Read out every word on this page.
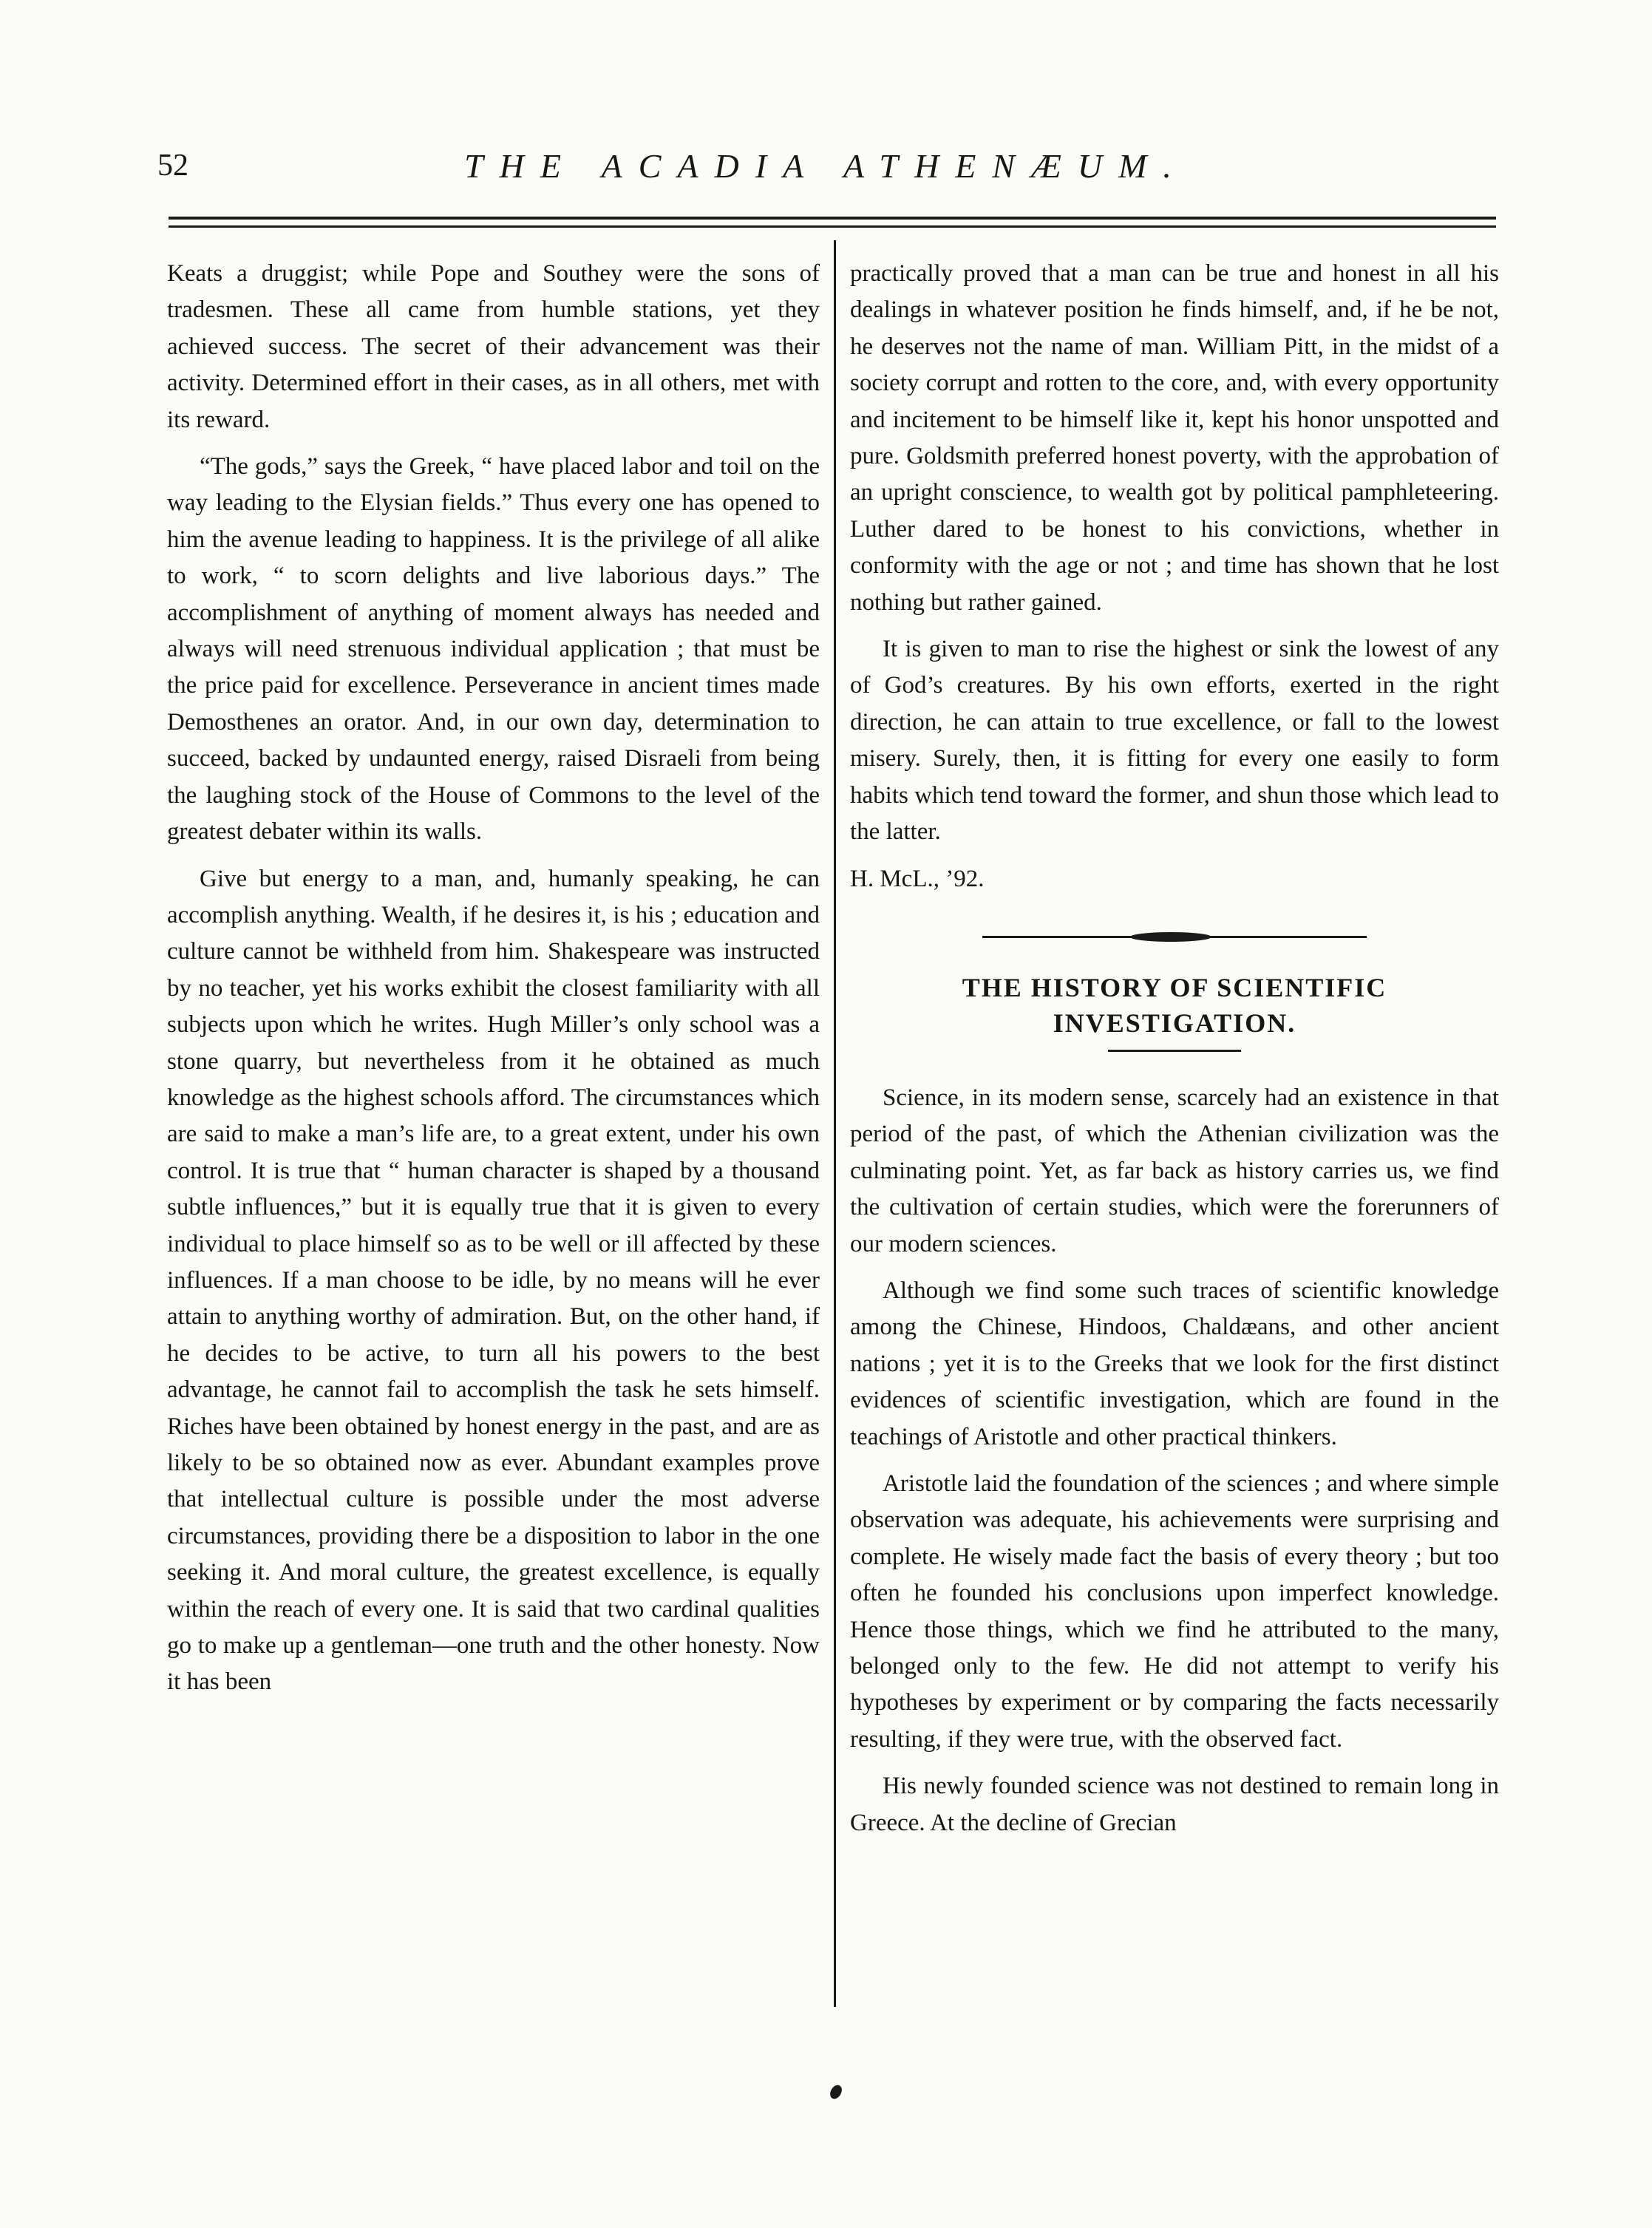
52	THE ACADIA ATHENÆUM.

Keats a druggist; while Pope and Southey were the sons of tradesmen. These all came from humble stations, yet they achieved success. The secret of their advancement was their activity. Determined effort in their cases, as in all others, met with its reward.

“The gods,” says the Greek, “ have placed labor and toil on the way leading to the Elysian fields.” Thus every one has opened to him the avenue leading to happiness. It is the privilege of all alike to work, “ to scorn delights and live laborious days.” The accomplishment of anything of moment always has needed and always will need strenuous individual application ; that must be the price paid for excellence. Perseverance in ancient times made Demosthenes an orator. And, in our own day, determination to succeed, backed by undaunted energy, raised Disraeli from being the laughing stock of the House of Commons to the level of the greatest debater within its walls.

Give but energy to a man, and, humanly speaking, he can accomplish anything. Wealth, if he desires it, is his ; education and culture cannot be withheld from him. Shakespeare was instructed by no teacher, yet his works exhibit the closest familiarity with all subjects upon which he writes. Hugh Miller’s only school was a stone quarry, but nevertheless from it he obtained as much knowledge as the highest schools afford. The circumstances which are said to make a man’s life are, to a great extent, under his own control. It is true that “ human character is shaped by a thousand subtle influences,” but it is equally true that it is given to every individual to place himself so as to be well or ill affected by these influences. If a man choose to be idle, by no means will he ever attain to anything worthy of admiration. But, on the other hand, if he decides to be active, to turn all his powers to the best advantage, he cannot fail to accomplish the task he sets himself. Riches have been obtained by honest energy in the past, and are as likely to be so obtained now as ever. Abundant examples prove that intellectual culture is possible under the most adverse circumstances, providing there be a disposition to labor in the one seeking it. And moral culture, the greatest excellence, is equally within the reach of every one. It is said that two cardinal qualities go to make up a gentleman—one truth and the other honesty. Now it has been

practically proved that a man can be true and honest in all his dealings in whatever position he finds himself, and, if he be not, he deserves not the name of man. William Pitt, in the midst of a society corrupt and rotten to the core, and, with every opportunity and incitement to be himself like it, kept his honor unspotted and pure. Goldsmith preferred honest poverty, with the approbation of an upright conscience, to wealth got by political pamphleteering. Luther dared to be honest to his convictions, whether in conformity with the age or not ; and time has shown that he lost nothing but rather gained.

It is given to man to rise the highest or sink the lowest of any of God’s creatures. By his own efforts, exerted in the right direction, he can attain to true excellence, or fall to the lowest misery. Surely, then, it is fitting for every one easily to form habits which tend toward the former, and shun those which lead to the latter.

H. McL., ’92.

THE HISTORY OF SCIENTIFIC INVESTIGATION.

Science, in its modern sense, scarcely had an existence in that period of the past, of which the Athenian civilization was the culminating point. Yet, as far back as history carries us, we find the cultivation of certain studies, which were the forerunners of our modern sciences.

Although we find some such traces of scientific knowledge among the Chinese, Hindoos, Chaldæans, and other ancient nations ; yet it is to the Greeks that we look for the first distinct evidences of scientific investigation, which are found in the teachings of Aristotle and other practical thinkers.

Aristotle laid the foundation of the sciences ; and where simple observation was adequate, his achievements were surprising and complete. He wisely made fact the basis of every theory ; but too often he founded his conclusions upon imperfect knowledge. Hence those things, which we find he attributed to the many, belonged only to the few. He did not attempt to verify his hypotheses by experiment or by comparing the facts necessarily resulting, if they were true, with the observed fact.

His newly founded science was not destined to remain long in Greece. At the decline of Grecian
